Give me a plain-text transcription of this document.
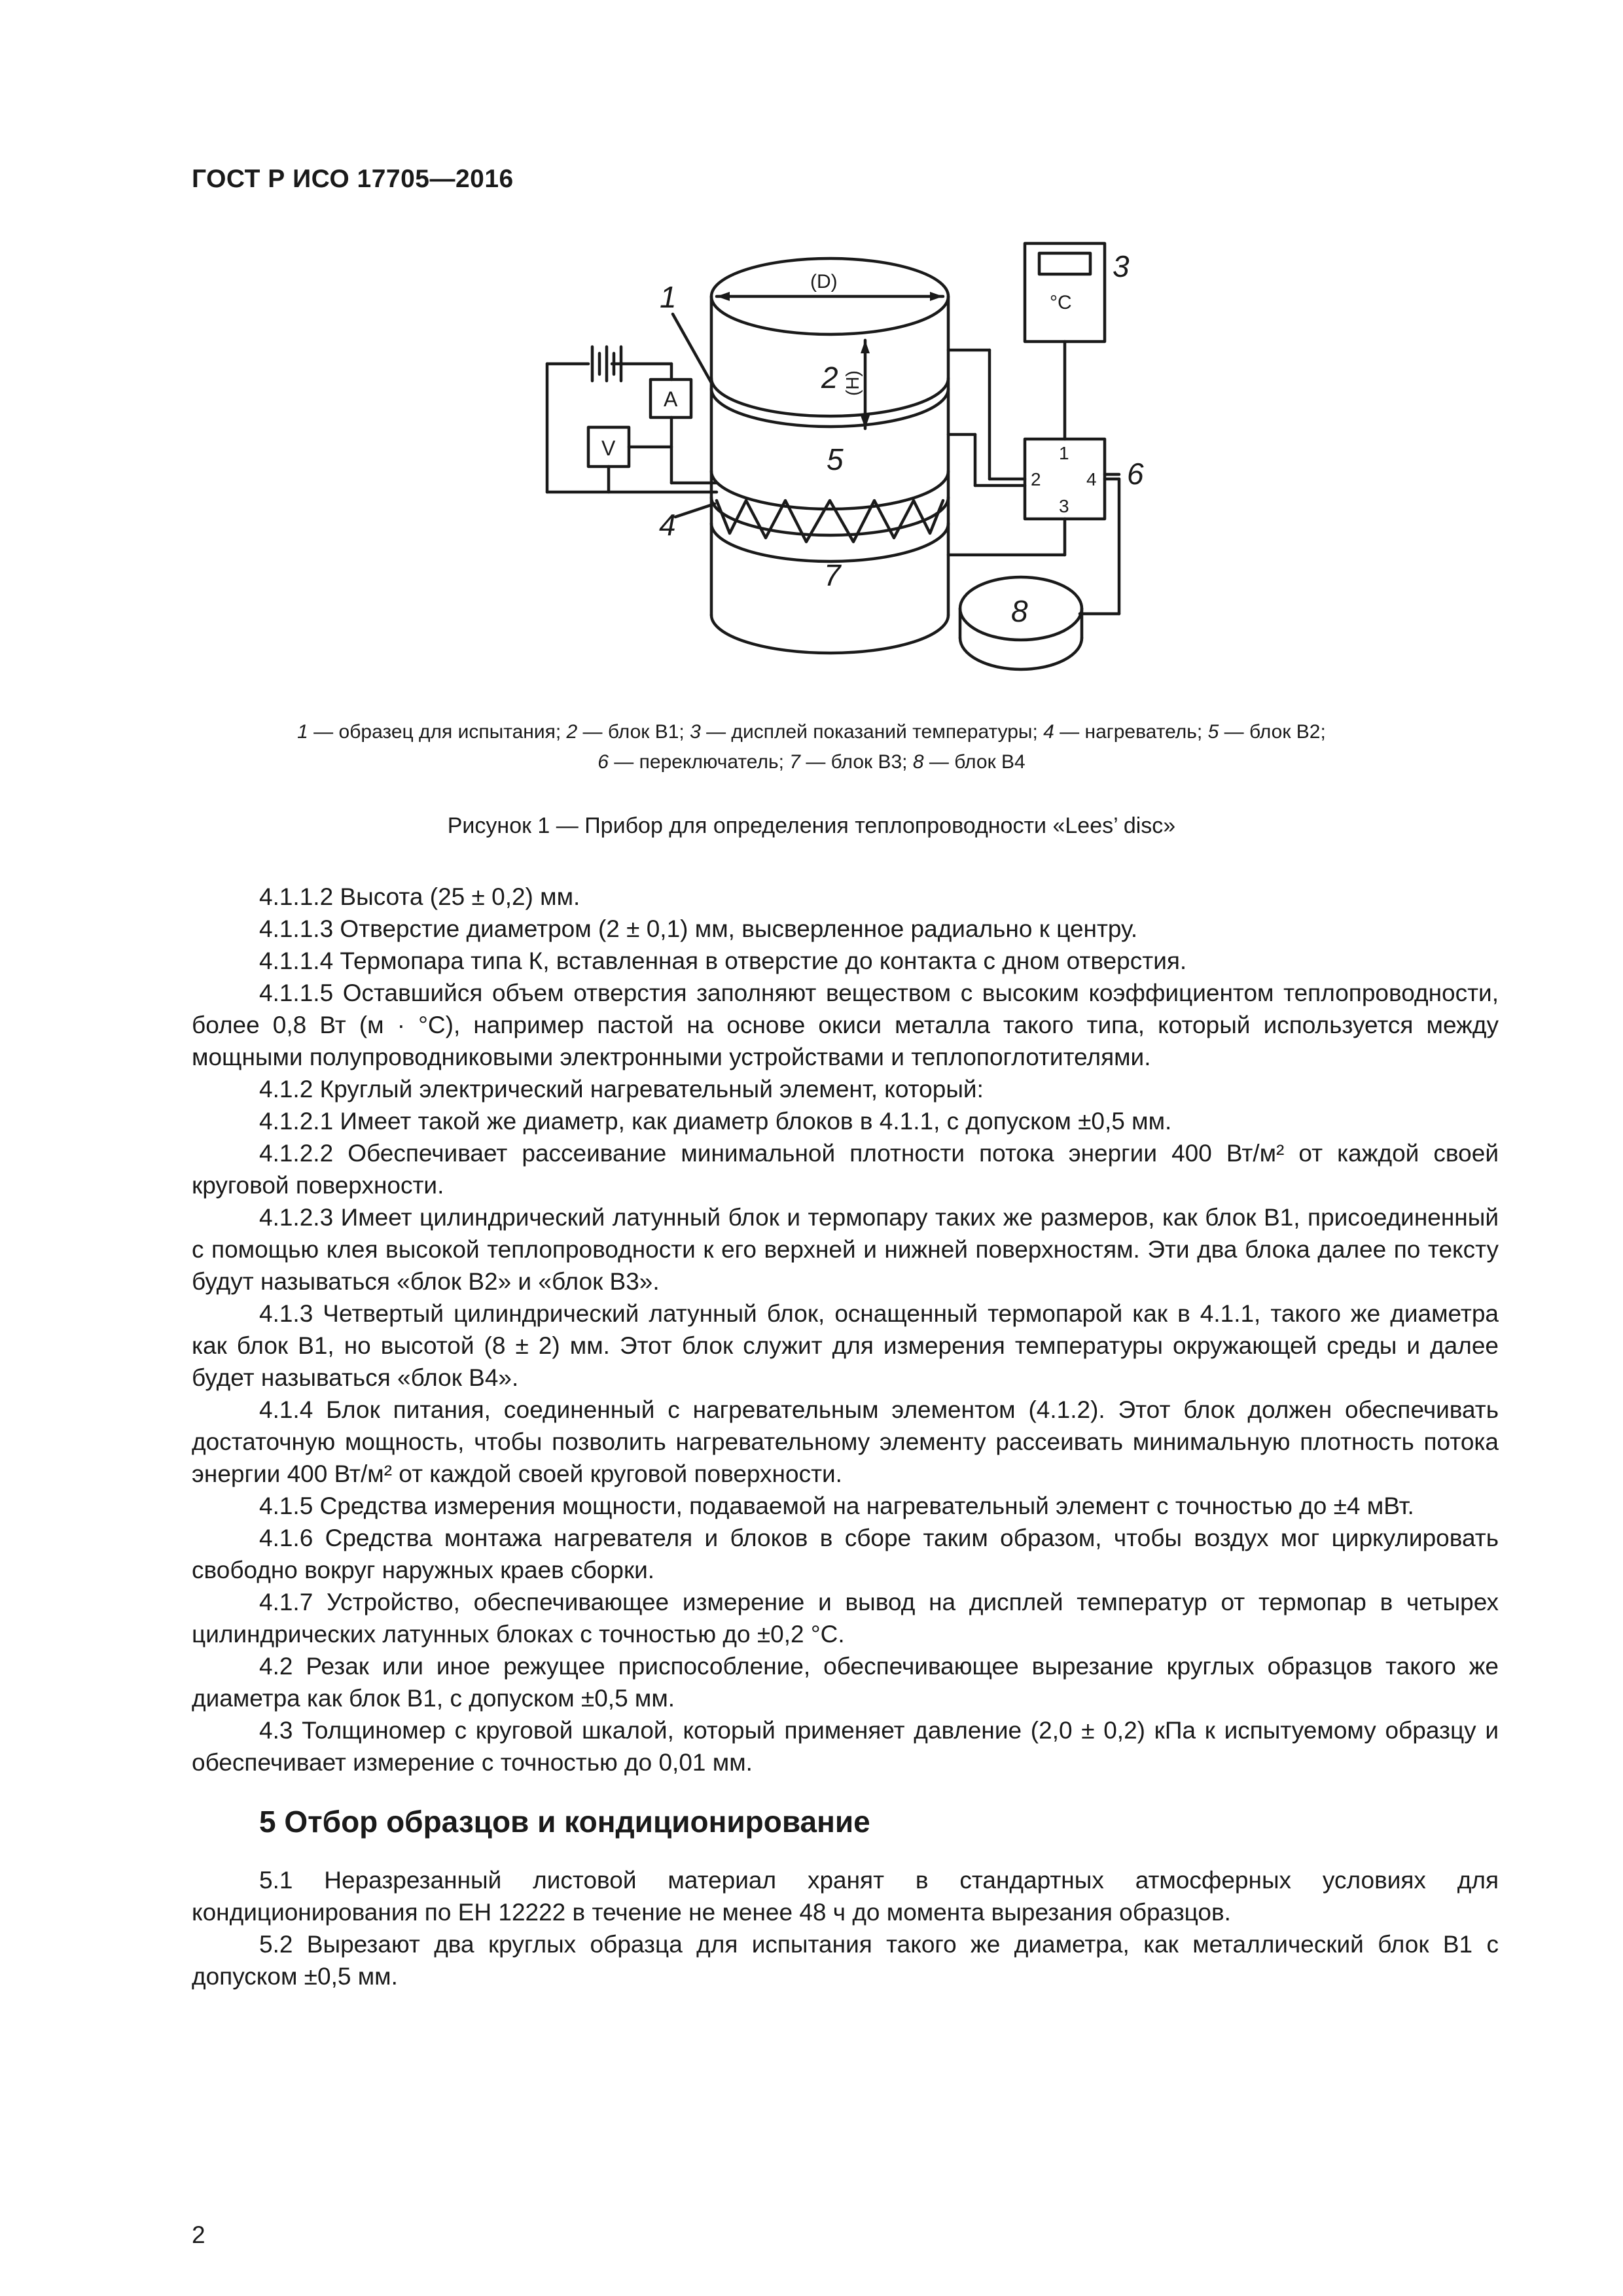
ГОСТ Р ИСО 17705—2016
1
2
3
4
5	6
7
8
(D)
(H)
A
V
°C
1
2
3
4
1 — образец для испытания; 2 — блок В1; 3 — дисплей показаний температуры; 4 — нагреватель; 5 — блок В2;
6 — переключатель; 7 — блок В3; 8 — блок В4
Рисунок 1 — Прибор для определения теплопроводности «Lees’ disc»

4.1.1.2 Высота (25 ± 0,2) мм.

4.1.1.3 Отверстие диаметром (2 ± 0,1) мм, высверленное радиально к центру.

4.1.1.4 Термопара типа К, вставленная в отверстие до контакта с дном отверстия.

4.1.1.5 Оставшийся объем отверстия заполняют веществом с высоким коэффициентом теплопроводности, более 0,8 Вт (м · °С), например пастой на основе окиси металла такого типа, который используется между мощными полупроводниковыми электронными устройствами и теплопоглотителями.

4.1.2 Круглый электрический нагревательный элемент, который:

4.1.2.1 Имеет такой же диаметр, как диаметр блоков в 4.1.1, с допуском ±0,5 мм.

4.1.2.2 Обеспечивает рассеивание минимальной плотности потока энергии 400 Вт/м² от каждой своей круговой поверхности.

4.1.2.3 Имеет цилиндрический латунный блок и термопару таких же размеров, как блок В1, присоединенный с помощью клея высокой теплопроводности к его верхней и нижней поверхностям. Эти два блока далее по тексту будут называться «блок В2» и «блок В3».

4.1.3 Четвертый цилиндрический латунный блок, оснащенный термопарой как в 4.1.1, такого же диаметра как блок В1, но высотой (8 ± 2) мм. Этот блок служит для измерения температуры окружающей среды и далее будет называться «блок В4».

4.1.4 Блок питания, соединенный с нагревательным элементом (4.1.2). Этот блок должен обеспечивать достаточную мощность, чтобы позволить нагревательному элементу рассеивать минимальную плотность потока энергии 400 Вт/м² от каждой своей круговой поверхности.

4.1.5 Средства измерения мощности, подаваемой на нагревательный элемент с точностью до ±4 мВт.

4.1.6 Средства монтажа нагревателя и блоков в сборе таким образом, чтобы воздух мог циркулировать свободно вокруг наружных краев сборки.

4.1.7 Устройство, обеспечивающее измерение и вывод на дисплей температур от термопар в четырех цилиндрических латунных блоках с точностью до ±0,2 °С.

4.2 Резак или иное режущее приспособление, обеспечивающее вырезание круглых образцов такого же диаметра как блок В1, с допуском ±0,5 мм.

4.3 Толщиномер с круговой шкалой, который применяет давление (2,0 ± 0,2) кПа к испытуемому образцу и обеспечивает измерение с точностью до 0,01 мм.

5 Отбор образцов и кондиционирование

5.1 Неразрезанный листовой материал хранят в стандартных атмосферных условиях для кондиционирования по ЕН 12222 в течение не менее 48 ч до момента вырезания образцов.

5.2 Вырезают два круглых образца для испытания такого же диаметра, как металлический блок В1 с допуском ±0,5 мм.

2
